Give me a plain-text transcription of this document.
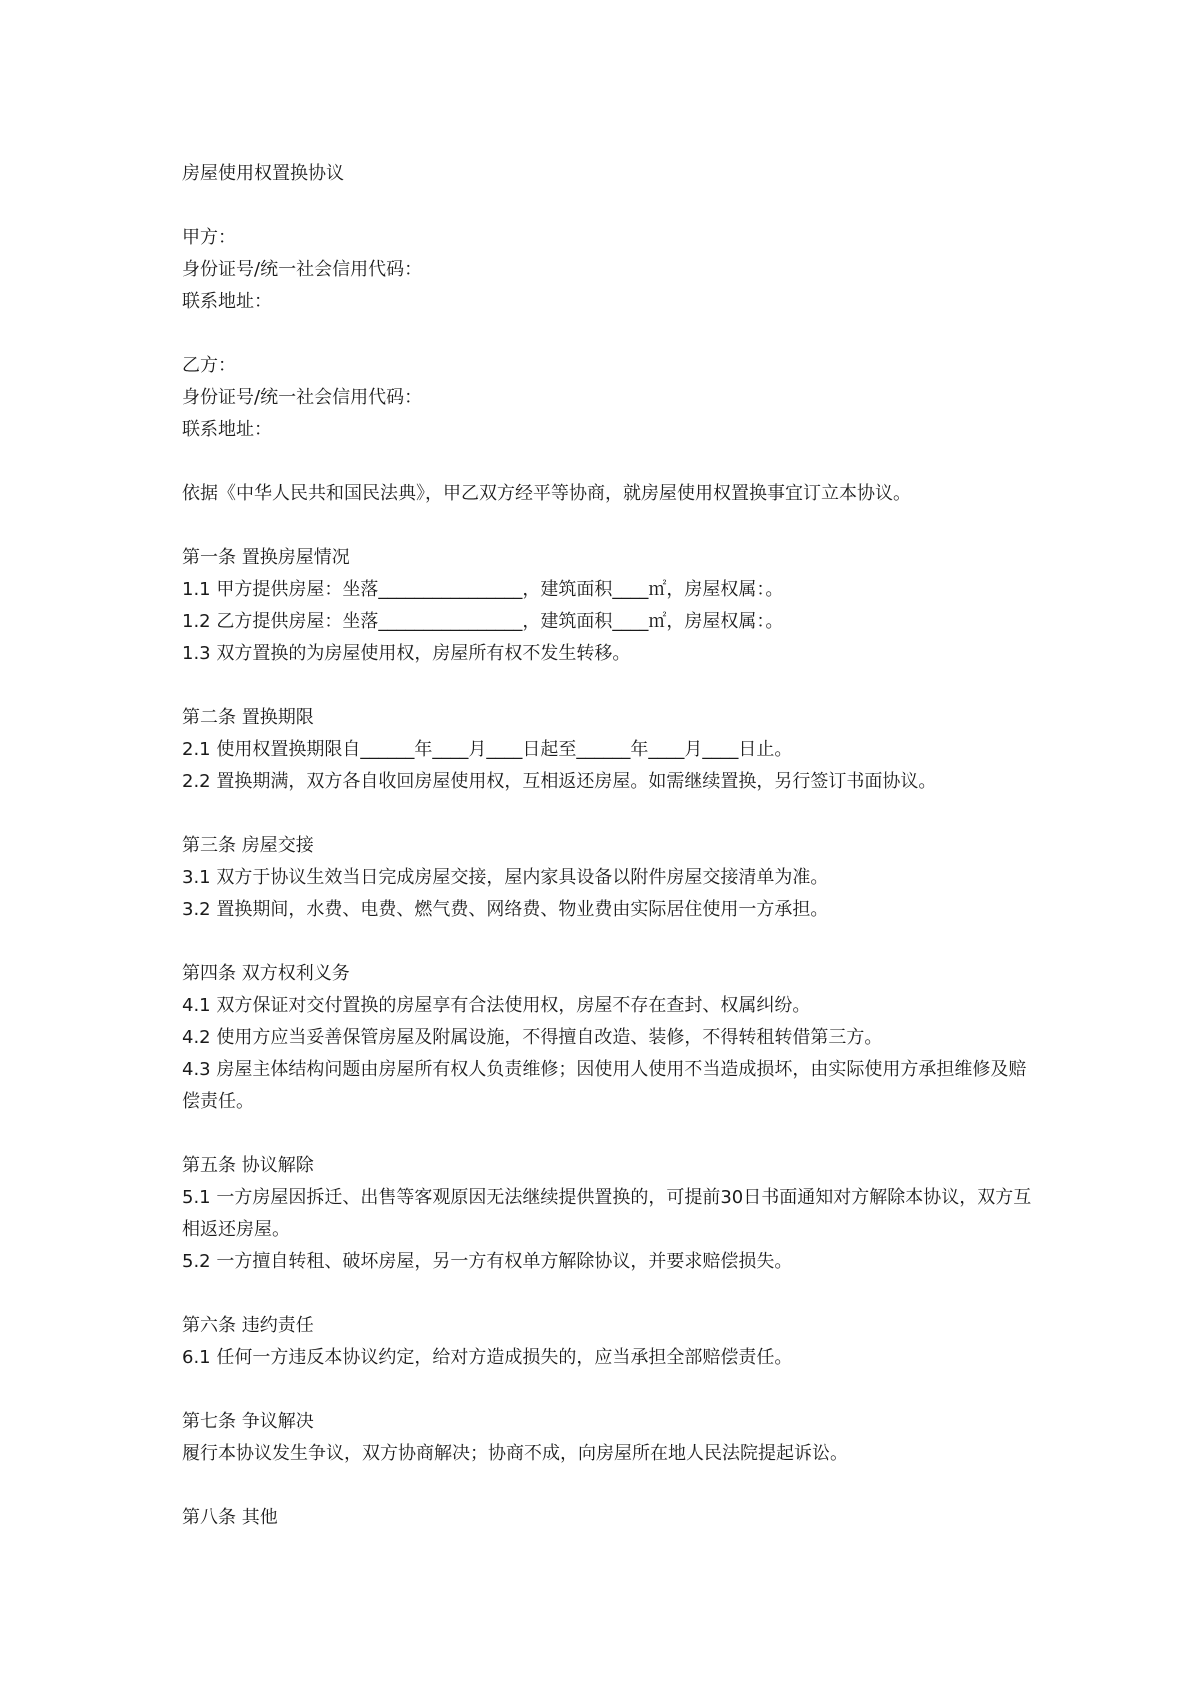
房屋使用权置换协议
甲方：
身份证号/统一社会信用代码：
联系地址：
乙方：
身份证号/统一社会信用代码：
联系地址：
依据《中华人民共和国民法典》，甲乙双方经平等协商，就房屋使用权置换事宜订立本协议。
第一条 置换房屋情况
1.1 甲方提供房屋：坐落________________，建筑面积____㎡，房屋权属：。
1.2 乙方提供房屋：坐落________________，建筑面积____㎡，房屋权属：。
1.3 双方置换的为房屋使用权，房屋所有权不发生转移。
第二条 置换期限
2.1 使用权置换期限自______年____月____日起至______年____月____日止。
2.2 置换期满，双方各自收回房屋使用权，互相返还房屋。如需继续置换，另行签订书面协议。
第三条 房屋交接
3.1 双方于协议生效当日完成房屋交接，屋内家具设备以附件房屋交接清单为准。
3.2 置换期间，水费、电费、燃气费、网络费、物业费由实际居住使用一方承担。
第四条 双方权利义务
4.1 双方保证对交付置换的房屋享有合法使用权，房屋不存在查封、权属纠纷。
4.2 使用方应当妥善保管房屋及附属设施，不得擅自改造、装修，不得转租转借第三方。
4.3 房屋主体结构问题由房屋所有权人负责维修；因使用人使用不当造成损坏，由实际使用方承担维修及赔偿责任。
第五条 协议解除
5.1 一方房屋因拆迁、出售等客观原因无法继续提供置换的，可提前30日书面通知对方解除本协议，双方互相返还房屋。
5.2 一方擅自转租、破坏房屋，另一方有权单方解除协议，并要求赔偿损失。
第六条 违约责任
6.1 任何一方违反本协议约定，给对方造成损失的，应当承担全部赔偿责任。
第七条 争议解决
履行本协议发生争议，双方协商解决；协商不成，向房屋所在地人民法院提起诉讼。
第八条 其他
